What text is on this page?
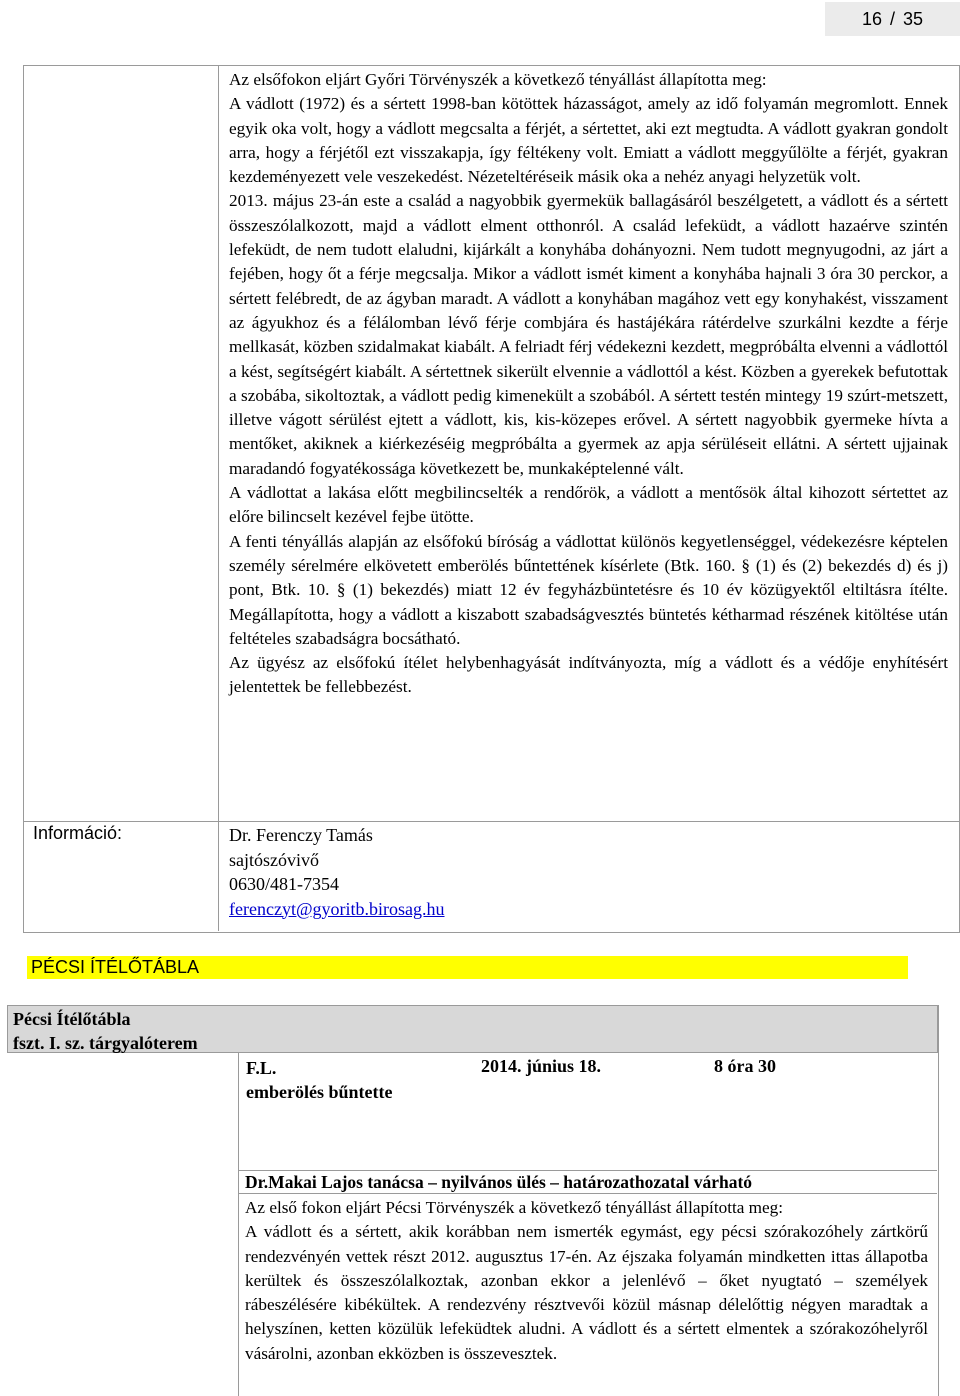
16 / 35

Az elsőfokon eljárt Győri Törvényszék a következő tényállást állapította meg:

A vádlott (1972) és a sértett 1998-ban kötöttek házasságot, amely az idő folyamán megromlott. Ennek egyik oka volt, hogy a vádlott megcsalta a férjét, a sértettet, aki ezt megtudta. A vádlott gyakran gondolt arra, hogy a férjétől ezt visszakapja, így féltékeny volt. Emiatt a vádlott meggyűlölte a férjét, gyakran kezdeményezett vele veszekedést. Nézeteltéréseik másik oka a nehéz anyagi helyzetük volt.

2013. május 23-án este a család a nagyobbik gyermekük ballagásáról beszélgetett, a vádlott és a sértett összeszólalkozott, majd a vádlott elment otthonról. A család lefeküdt, a vádlott hazaérve szintén lefeküdt, de nem tudott elaludni, kijárkált a konyhába dohányozni. Nem tudott megnyugodni, az járt a fejében, hogy őt a férje megcsalja. Mikor a vádlott ismét kiment a konyhába hajnali 3 óra 30 perckor, a sértett felébredt, de az ágyban maradt. A vádlott a konyhában magához vett egy konyhakést, visszament az ágyukhoz és a félálomban lévő férje combjára és hastájékára rátérdelve szurkálni kezdte a férje mellkasát, közben szidalmakat kiabált. A felriadt férj védekezni kezdett, megpróbálta elvenni a vádlottól a kést, segítségért kiabált. A sértettnek sikerült elvennie a vádlottól a kést. Közben a gyerekek befutottak a szobába, sikoltoztak, a vádlott pedig kimenekült a szobából. A sértett testén mintegy 19 szúrt-metszett, illetve vágott sérülést ejtett a vádlott, kis, kis-közepes erővel. A sértett nagyobbik gyermeke hívta a mentőket, akiknek a kiérkezéséig megpróbálta a gyermek az apja sérüléseit ellátni. A sértett ujjainak maradandó fogyatékossága következett be, munkaképtelenné vált.

A vádlottat a lakása előtt megbilincselték a rendőrök, a vádlott a mentősök által kihozott sértettet az előre bilincselt kezével fejbe ütötte.

A fenti tényállás alapján az elsőfokú bíróság a vádlottat különös kegyetlenséggel, védekezésre képtelen személy sérelmére elkövetett emberölés bűntettének kísérlete (Btk. 160. § (1) és (2) bekezdés d) és j) pont, Btk. 10. § (1) bekezdés) miatt 12 év fegyházbüntetésre és 10 év közügyektől eltiltásra ítélte. Megállapította, hogy a vádlott a kiszabott szabadságvesztés büntetés kétharmad részének kitöltése után feltételes szabadságra bocsátható.

Az ügyész az elsőfokú ítélet helybenhagyását indítványozta, míg a vádlott és a védője enyhítésért jelentettek be fellebbezést.

Információ:	Dr. Ferenczy Tamás
sajtószóvivő
0630/481-7354
ferenczyt@gyoritb.birosag.hu
PÉCSI ÍTÉLŐTÁBLA
Pécsi Ítélőtábla
fszt. I. sz. tárgyalóterem
F.L.
emberölés bűntette
2014. június 18.	8 óra 30
Dr.Makai Lajos tanácsa – nyilvános ülés – határozathozatal várható

Az első fokon eljárt Pécsi Törvényszék a következő tényállást állapította meg:

A vádlott és a sértett, akik korábban nem ismerték egymást, egy pécsi szórakozóhely zártkörű rendezvényén vettek részt 2012. augusztus 17-én. Az éjszaka folyamán mindketten ittas állapotba kerültek és összeszólalkoztak, azonban ekkor a jelenlévő – őket nyugtató – személyek rábeszélésére kibékültek. A rendezvény résztvevői közül másnap délelőttig négyen maradtak a helyszínen, ketten közülük lefeküdtek aludni. A vádlott és a sértett elmentek a szórakozóhelyről vásárolni, azonban ekközben is összevesztek.
